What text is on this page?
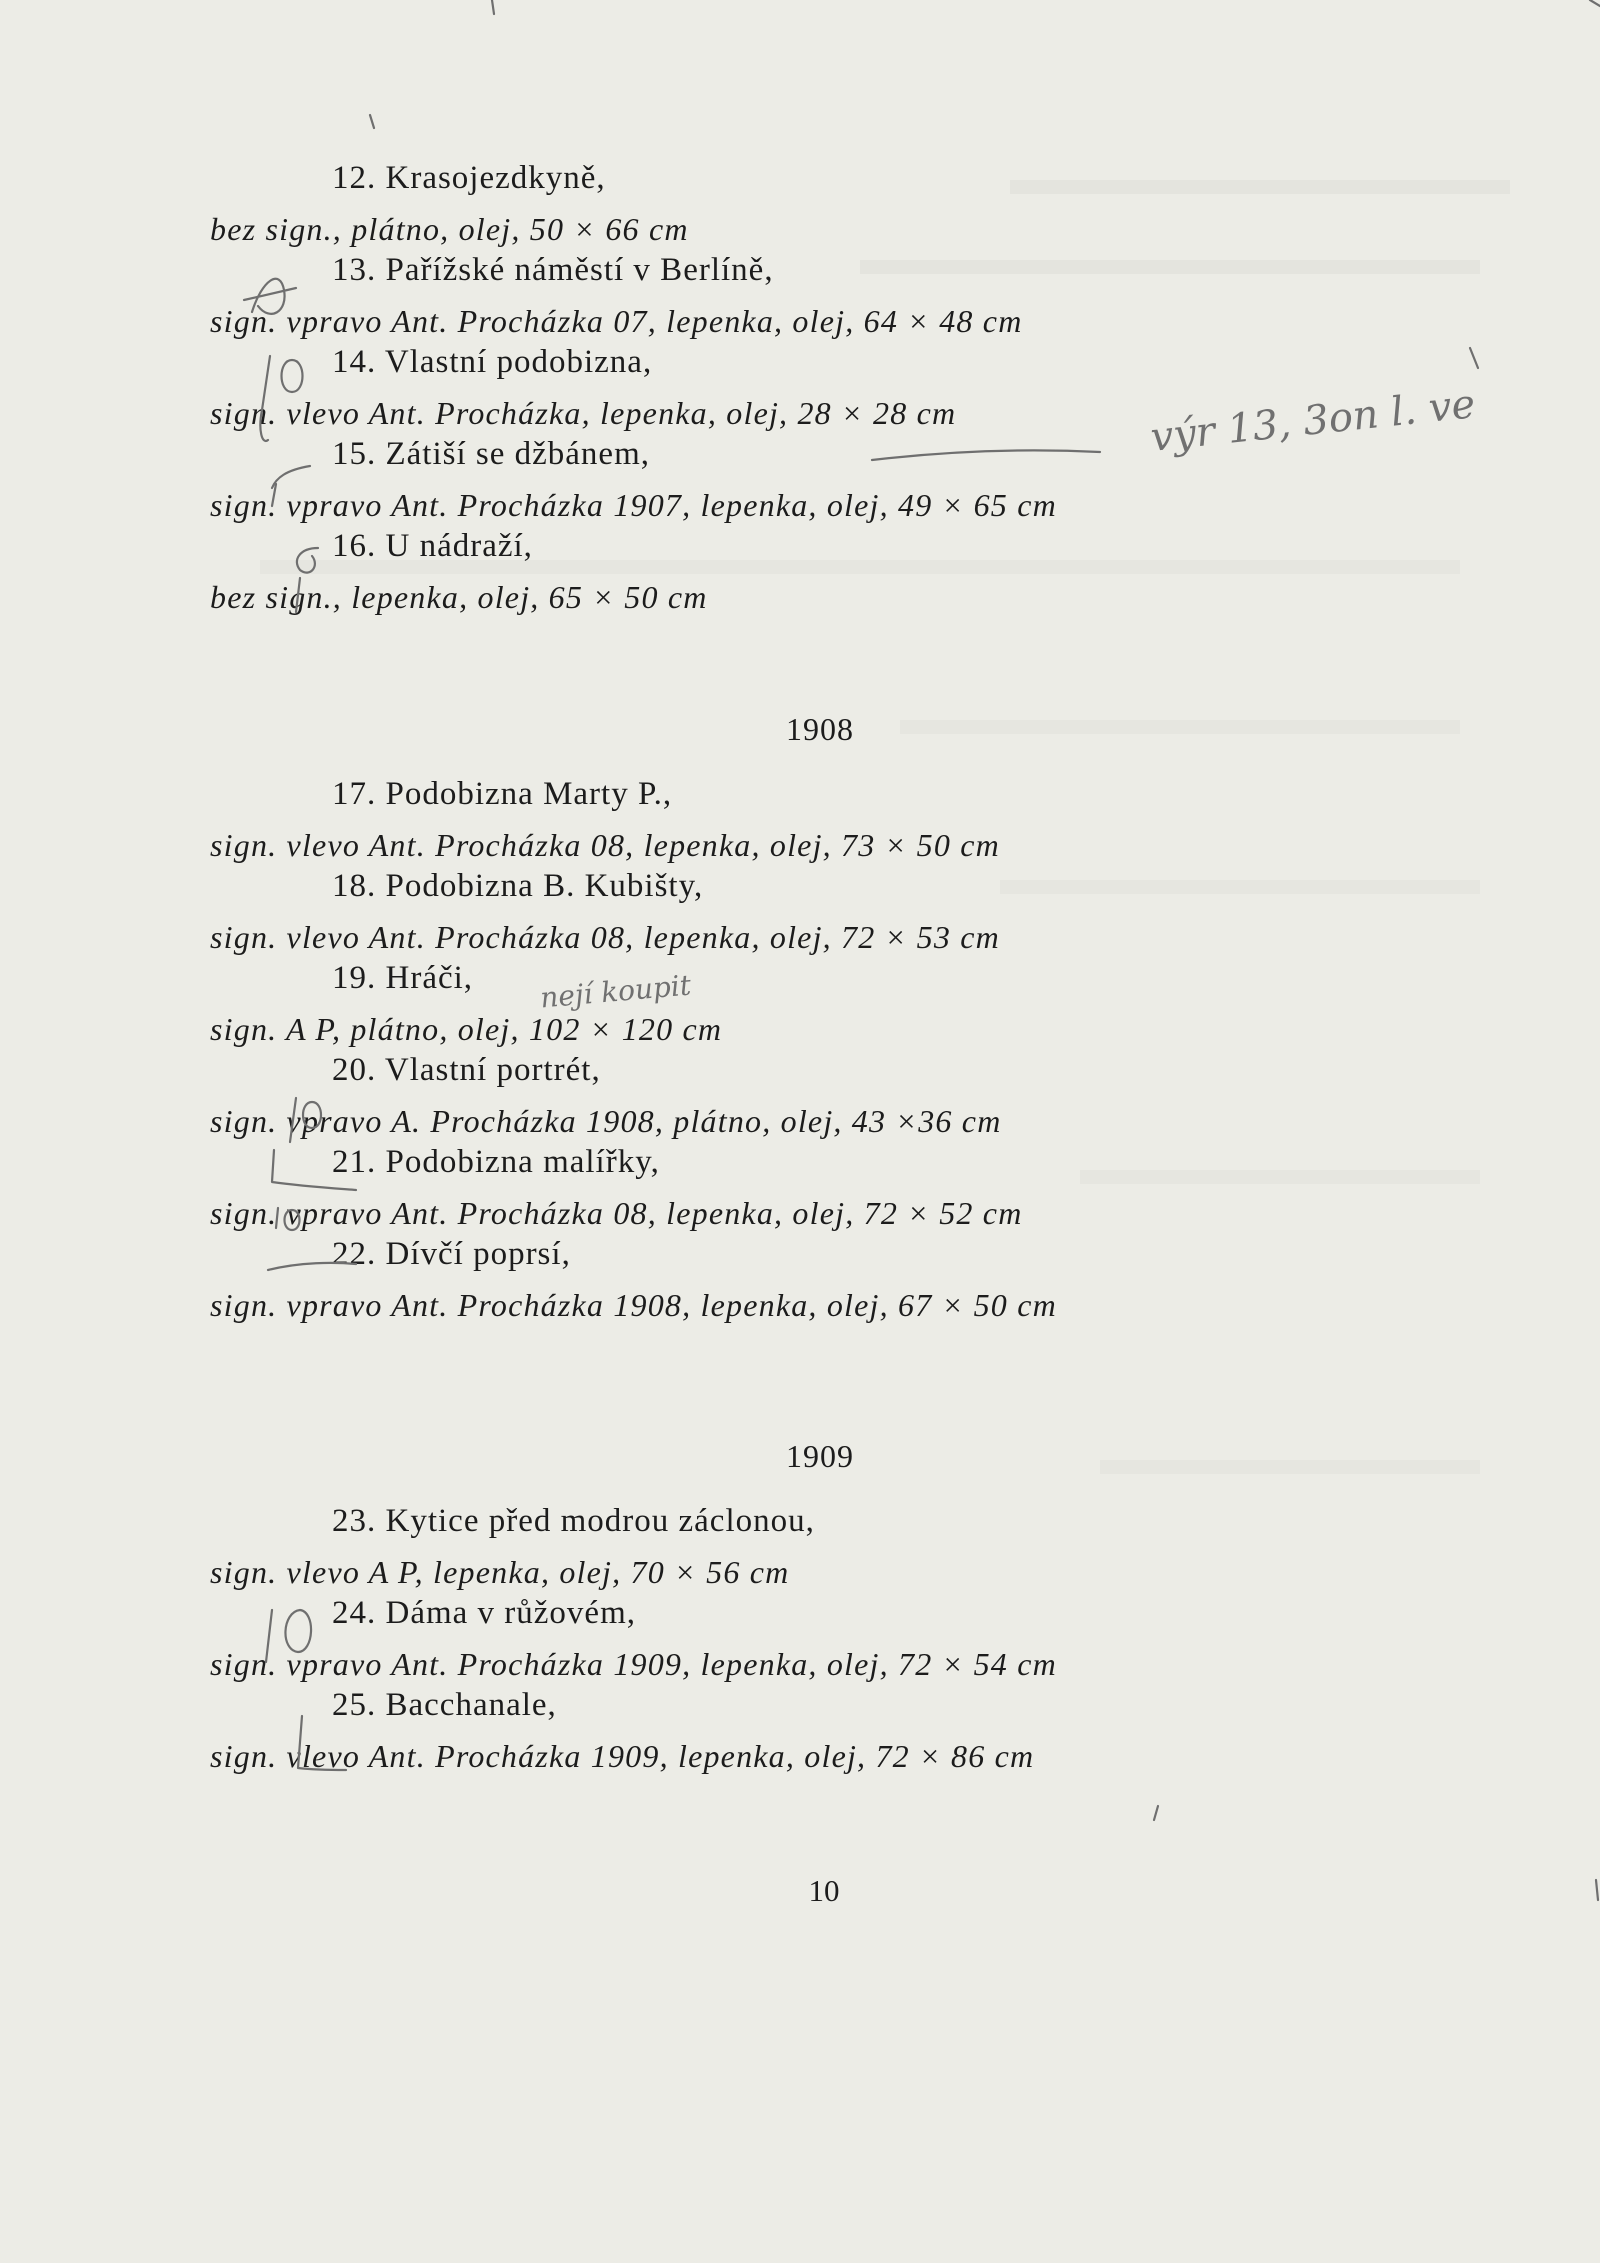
12. Krasojezdkyně,
bez sign., plátno, olej, 50 × 66 cm
13. Pařížské náměstí v Berlíně,
sign. vpravo Ant. Procházka 07, lepenka, olej, 64 × 48 cm
14. Vlastní podobizna,
sign. vlevo Ant. Procházka, lepenka, olej, 28 × 28 cm
15. Zátiší se džbánem,
sign. vpravo Ant. Procházka 1907, lepenka, olej, 49 × 65 cm
16. U nádraží,
bez sign., lepenka, olej, 65 × 50 cm
1908
17. Podobizna Marty P.,
sign. vlevo Ant. Procházka 08, lepenka, olej, 73 × 50 cm
18. Podobizna B. Kubišty,
sign. vlevo Ant. Procházka 08, lepenka, olej, 72 × 53 cm
19. Hráči,
sign. A P, plátno, olej, 102 × 120 cm
20. Vlastní portrét,
sign. vpravo A. Procházka 1908, plátno, olej, 43 ×36 cm
21. Podobizna malířky,
sign. vpravo Ant. Procházka 08, lepenka, olej, 72 × 52 cm
22. Dívčí poprsí,
sign. vpravo Ant. Procházka 1908, lepenka, olej, 67 × 50 cm
1909
23. Kytice před modrou záclonou,
sign. vlevo A P, lepenka, olej, 70 × 56 cm
24. Dáma v růžovém,
sign. vpravo Ant. Procházka 1909, lepenka, olej, 72 × 54 cm
25. Bacchanale,
sign. vlevo Ant. Procházka 1909, lepenka, olej, 72 × 86 cm
10
výr 13, 3on l. ve
nejí koupit
